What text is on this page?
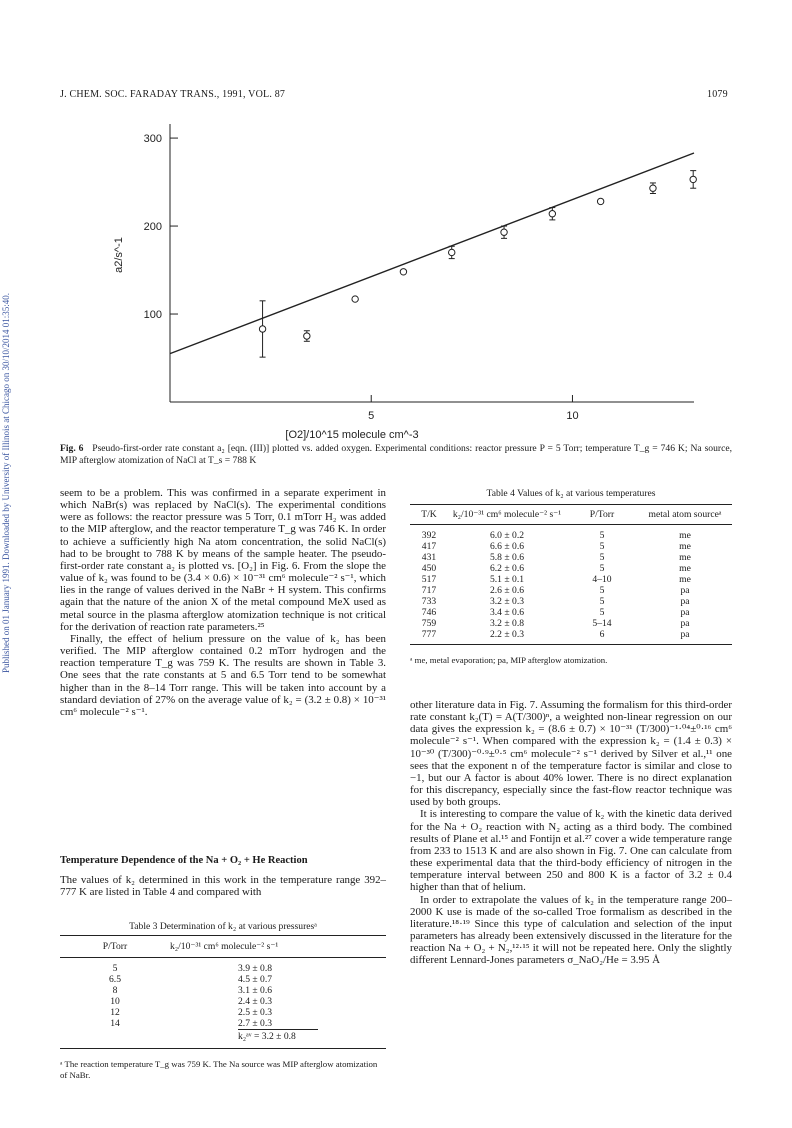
J. CHEM. SOC. FARADAY TRANS., 1991, VOL. 87	1079
Published on 01 January 1991. Downloaded by University of Illinois at Chicago on 30/10/2014 01:35:40.	100
200
300
5	10
[O2]/10^15 molecule cm^-3
a2/s^-1
Fig. 6 Pseudo-first-order rate constant a₂ [eqn. (III)] plotted vs. added oxygen. Experimental conditions: reactor pressure P = 5 Torr; temperature T_g = 746 K; Na source, MIP afterglow atomization of NaCl at T_s = 788 K

seem to be a problem. This was confirmed in a separate experiment in which NaBr(s) was replaced by NaCl(s). The experimental conditions were as follows: the reactor pressure was 5 Torr, 0.1 mTorr H₂ was added to the MIP afterglow, and the reactor temperature T_g was 746 K. In order to achieve a sufficiently high Na atom concentration, the solid NaCl(s) had to be brought to 788 K by means of the sample heater. The pseudo-first-order rate constant a₂ is plotted vs. [O₂] in Fig. 6. From the slope the value of k₂ was found to be (3.4 × 0.6) × 10⁻³¹ cm⁶ molecule⁻² s⁻¹, which lies in the range of values derived in the NaBr + H system. This confirms again that the nature of the anion X of the metal compound MeX used as metal source in the plasma afterglow atomization technique is not critical for the derivation of reaction rate parameters.²⁵

Finally, the effect of helium pressure on the value of k₂ has been verified. The MIP afterglow contained 0.2 mTorr hydrogen and the reaction temperature T_g was 759 K. The results are shown in Table 3. One sees that the rate constants at 5 and 6.5 Torr tend to be somewhat higher than in the 8–14 Torr range. This will be taken into account by a standard deviation of 27% on the average value of k₂ = (3.2 ± 0.8) × 10⁻³¹ cm⁶ molecule⁻² s⁻¹.

Temperature Dependence of the Na + O₂ + He Reaction

The values of k₂ determined in this work in the temperature range 392–777 K are listed in Table 4 and compared with

Table 3 Determination of k₂ at various pressuresᵃ
P/Torr	k₂/10⁻³¹ cm⁶ molecule⁻² s⁻¹
5	3.9 ± 0.8
6.5	4.5 ± 0.7
8	3.1 ± 0.6
10	2.4 ± 0.3
12	2.5 ± 0.3
14	2.7 ± 0.3
k₂ᵃᵛ = 3.2 ± 0.8
ᵃ The reaction temperature T_g was 759 K. The Na source was MIP afterglow atomization of NaBr.
Table 4 Values of k₂ at various temperatures
T/K	k₂/10⁻³¹ cm⁶ molecule⁻² s⁻¹	P/Torr	metal atom sourceᵃ
392	6.0 ± 0.2	5	me
417	6.6 ± 0.6	5	me
431	5.8 ± 0.6	5	me
450	6.2 ± 0.6	5	me
517	5.1 ± 0.1	4–10	me
717	2.6 ± 0.6	5	pa
733	3.2 ± 0.3	5	pa
746	3.4 ± 0.6	5	pa
759	3.2 ± 0.8	5–14	pa
777	2.2 ± 0.3	6	pa
ᵃ me, metal evaporation; pa, MIP afterglow atomization.

other literature data in Fig. 7. Assuming the formalism for this third-order rate constant k₂(T) = A(T/300)ⁿ, a weighted non-linear regression on our data gives the expression k₂ = (8.6 ± 0.7) × 10⁻³¹ (T/300)⁻¹·⁰⁴±⁰·¹⁶ cm⁶ molecule⁻² s⁻¹. When compared with the expression k₂ = (1.4 ± 0.3) × 10⁻³⁰ (T/300)⁻⁰·⁹±⁰·⁵ cm⁶ molecule⁻² s⁻¹ derived by Silver et al.,¹¹ one sees that the exponent n of the temperature factor is similar and close to −1, but our A factor is about 40% lower. There is no direct explanation for this discrepancy, especially since the fast-flow reactor technique was used by both groups.

It is interesting to compare the value of k₂ with the kinetic data derived for the Na + O₂ reaction with N₂ acting as a third body. The combined results of Plane et al.¹⁵ and Fontijn et al.²⁷ cover a wide temperature range from 233 to 1513 K and are also shown in Fig. 7. One can calculate from these experimental data that the third-body efficiency of nitrogen in the temperature interval between 250 and 800 K is a factor of 3.2 ± 0.4 higher than that of helium.

In order to extrapolate the values of k₂ in the temperature range 200–2000 K use is made of the so-called Troe formalism as described in the literature.¹⁸·¹⁹ Since this type of calculation and selection of the input parameters has already been extensively discussed in the literature for the reaction Na + O₂ + N₂,¹²·¹⁵ it will not be repeated here. Only the slightly different Lennard-Jones parameters σ_NaO₂/He = 3.95 Å
